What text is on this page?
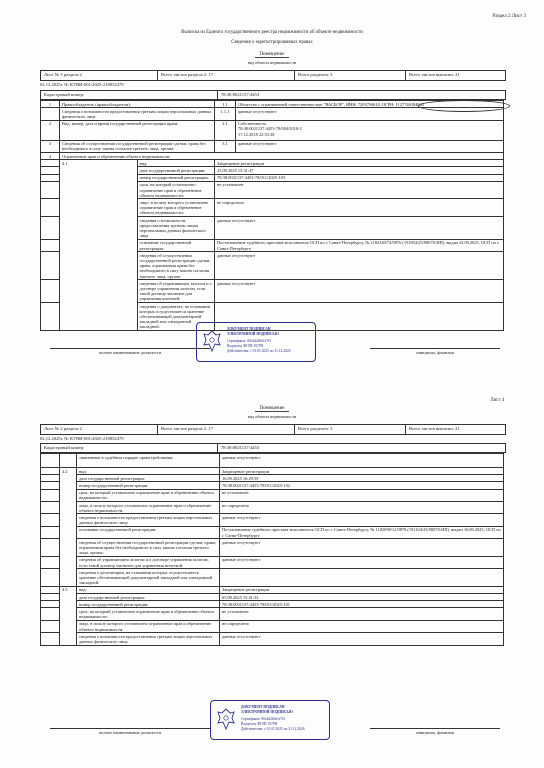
Раздел 2 Лист 3
Выписка из Единого государственного реестра недвижимости об объекте недвижимости
Сведения о зарегистрированных правах
Помещение
вид объекта недвижимости
Лист № 3 раздела 2	Всего листов раздела 2: 17	Всего разделов: 3	Всего листов выписки: 21
02.12.2025г. № КУВИ-001/2025-218852479
Кадастровый номер:	78:38:0021137:4453
1	Правообладатель (правообладатели):		1.1	Общество с ограниченной ответственностью "ВАСБОР", ИНН: 7203794610, ОГРН: 1127746394602
	Сведения о возможности предоставления третьим лицам персональных данных физического лица		1.1.1	данные отсутствуют
2	Вид, номер, дата и время государственной регистрации права:		2.1	Собственность
78:38:0021137:4453-78/004/2018-2
17.12.2018 22:53:38
3	Сведения об осуществлении государственной регистрации сделки, права без необходимого в силу закона согласия третьего лица, органа:		3.1	данные отсутствуют
4	Ограничение прав и обременение объекта недвижимости:			
	4.1	вид:	Запрещение регистрации	
		дата государственной регистрации:	25.09.2025 15:31:47	
		номер государственной регистрации:	78:38:0021137:4453-78/011/2025-103	
		срок, на который установлено ограничение прав и обременение объекта недвижимости:	не установлен	
		лицо, в пользу которого установлено ограничение прав и обременение объекта недвижимости:	не определено	
		сведения о возможности предоставления третьим лицам персональных данных физического лица	данные отсутствуют	
		основание государственной регистрации:	Постановление судебного пристава-исполнителя ОСП по г. Санкт-Петербургу, № 1182349/74/9876 (191854/25/98078-ИП), выдан 24.09.2025, ОСП по г. Санкт-Петербургу	
		сведения об осуществлении государственной регистрации сделки, права, ограничения права без необходимого в силу закона согласия третьего лица, органа:	данные отсутствуют	
		сведения об управляющем залогом и о договоре управления залогом, если такой договор заключен для управления ипотекой:	данные отсутствуют	
		сведения о документах, на основании которых осуществляется хранение обеспечивающей документарной закладной или электронной закладной:			ДОКУМЕНТ ПОДПИСАН
ЭЛЕКТРОННОЙ ПОДПИСЬЮ
Сертификат: 00c4d2b9a1e7f3
Владелец: ФГИС ЕГРН
Действителен: с 01.01.2025 по 31.12.2026
полное наименование должности	инициалы, фамилия
Лист 4
Помещение
вид объекта недвижимости
Лист № 2 раздела 2	Всего листов раздела 2: 17	Всего разделов: 3	Всего листов выписки: 21
02.12.2025г. № КУВИ-001/2025-218852479
Кадастровый номер:	78:38:0021137:4453
		заявленные в судебном порядке права требования:	данные отсутствуют
	4.2	вид:	Запрещение регистрации
		дата государственной регистрации:	16.09.2025 16:29:59
		номер государственной регистрации:	78:38:0021137:4453-78/011/2025-102
		срок, на который установлено ограничение прав и обременение объекта недвижимости:	не установлен
		лицо, в пользу которого установлено ограничение прав и обременение объекта недвижимости:	не определено
		сведения о возможности предоставления третьим лицам персональных данных физического лица	данные отсутствуют
		основание государственной регистрации:	Постановление судебного пристава-исполнителя ОСП по г. Санкт-Петербургу, № 1182098/12/9878 (191104/25/98078-ИП), выдан 16.09.2025, ОСП по г. Санкт-Петербургу
		сведения об осуществлении государственной регистрации сделки, права, ограничения права без необходимого в силу закона согласия третьего лица, органа:	данные отсутствуют
		сведения об управляющем залогом и о договоре управления залогом, если такой договор заключен для управления ипотекой:	данные отсутствуют
		сведения о депозитарии, на основании которых осуществляется хранение обеспечивающей документарной закладной или электронной закладной:	
	4.3	вид:	Запрещение регистрации
		дата государственной регистрации:	05.09.2025 15:41:32
		номер государственной регистрации:	78:38:0021137:4453-78/011/2025-101
		срок, на который установлено ограничение прав и обременение объекта недвижимости:	не установлен
		лицо, в пользу которого установлено ограничение прав и обременение объекта недвижимости:	не определено
		сведения о возможности предоставления третьим лицам персональных данных физического лица	данные отсутствуют
ДОКУМЕНТ ПОДПИСАН
ЭЛЕКТРОННОЙ ПОДПИСЬЮ
Сертификат: 00c4d2b9a1e7f3
Владелец: ФГИС ЕГРН
Действителен: с 01.01.2025 по 31.12.2026
полное наименование должности	инициалы, фамилия
